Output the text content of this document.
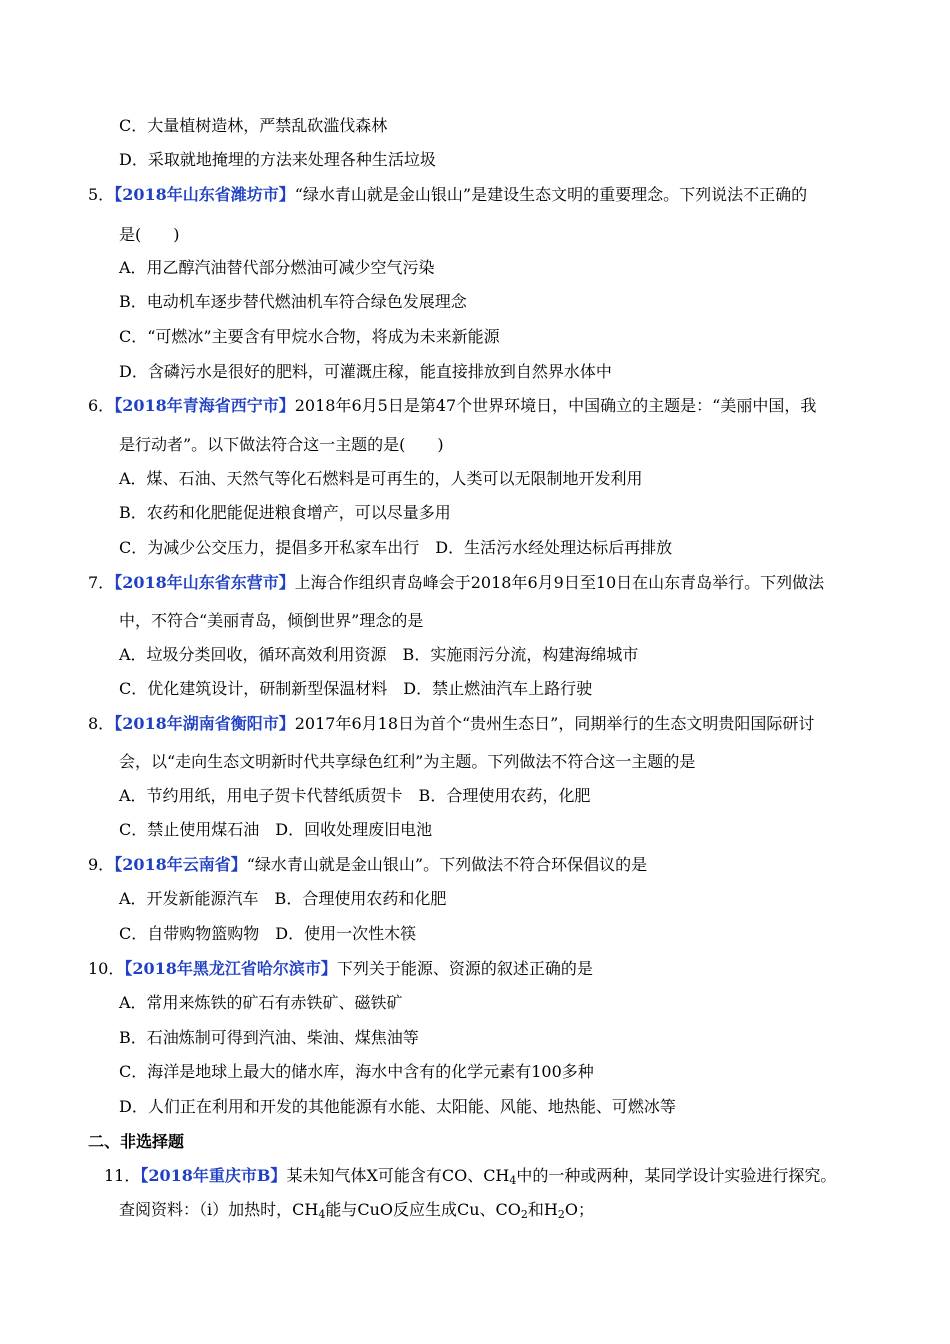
C．大量植树造林，严禁乱砍滥伐森林
D．采取就地掩埋的方法来处理各种生活垃圾
5．【2018年山东省潍坊市】“绿水青山就是金山银山”是建设生态文明的重要理念。下列说法不正确的
是(　　)
A．用乙醇汽油替代部分燃油可减少空气污染
B．电动机车逐步替代燃油机车符合绿色发展理念
C．“可燃冰”主要含有甲烷水合物，将成为未来新能源
D．含磷污水是很好的肥料，可灌溉庄稼，能直接排放到自然界水体中
6．【2018年青海省西宁市】2018年6月5日是第47个世界环境日，中国确立的主题是：“美丽中国，我
是行动者”。以下做法符合这一主题的是(　　)
A．煤、石油、天然气等化石燃料是可再生的，人类可以无限制地开发利用
B．农药和化肥能促进粮食增产，可以尽量多用
C．为减少公交压力，提倡多开私家车出行　D．生活污水经处理达标后再排放
7．【2018年山东省东营市】上海合作组织青岛峰会于2018年6月9日至10日在山东青岛举行。下列做法
中，不符合“美丽青岛，倾倒世界”理念的是
A．垃圾分类回收，循环高效利用资源　B．实施雨污分流，构建海绵城市
C．优化建筑设计，研制新型保温材料　D．禁止燃油汽车上路行驶
8．【2018年湖南省衡阳市】2017年6月18日为首个“贵州生态日”，同期举行的生态文明贵阳国际研讨
会，以“走向生态文明新时代共享绿色红利”为主题。下列做法不符合这一主题的是
A．节约用纸，用电子贺卡代替纸质贺卡　B．合理使用农药，化肥
C．禁止使用煤石油　D．回收处理废旧电池
9．【2018年云南省】“绿水青山就是金山银山”。下列做法不符合环保倡议的是
A．开发新能源汽车　B．合理使用农药和化肥
C．自带购物篮购物　D．使用一次性木筷
10．【2018年黑龙江省哈尔滨市】下列关于能源、资源的叙述正确的是
A．常用来炼铁的矿石有赤铁矿、磁铁矿
B．石油炼制可得到汽油、柴油、煤焦油等
C．海洋是地球上最大的储水库，海水中含有的化学元素有100多种
D．人们正在利用和开发的其他能源有水能、太阳能、风能、地热能、可燃冰等
二、非选择题
11．【2018年重庆市B】某未知气体X可能含有CO、$CH_4$中的一种或两种，某同学设计实验进行探究。
查阅资料：（ⅰ）加热时，$CH_4$能与CuO反应生成Cu、$CO_2$和$H_2O$；
